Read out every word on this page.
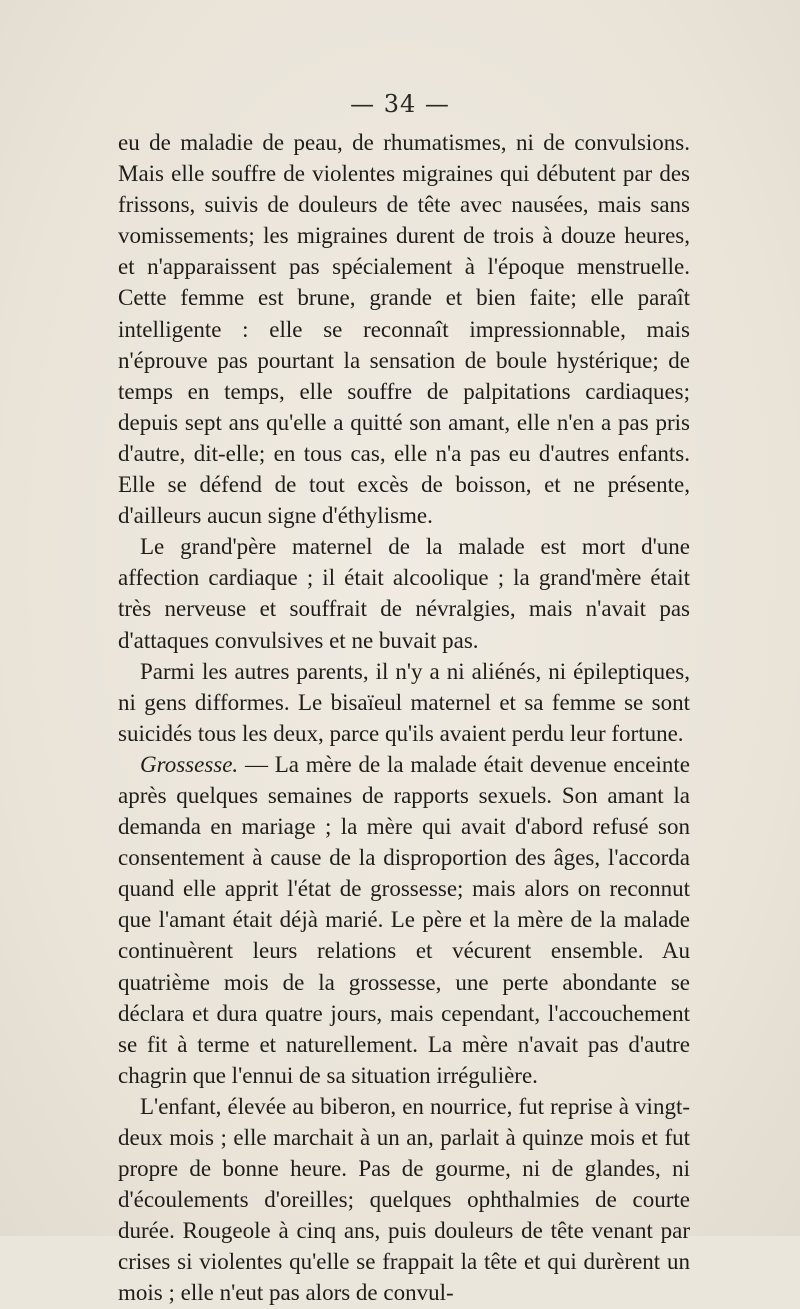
— 34 —

eu de maladie de peau, de rhumatismes, ni de convulsions. Mais elle souffre de violentes migraines qui débutent par des frissons, suivis de douleurs de tête avec nausées, mais sans vomissements; les migraines durent de trois à douze heures, et n'apparaissent pas spécialement à l'époque menstruelle. Cette femme est brune, grande et bien faite; elle paraît intelligente : elle se reconnaît impressionnable, mais n'éprouve pas pourtant la sensation de boule hystérique; de temps en temps, elle souffre de palpitations cardiaques; depuis sept ans qu'elle a quitté son amant, elle n'en a pas pris d'autre, dit-elle; en tous cas, elle n'a pas eu d'autres enfants. Elle se défend de tout excès de boisson, et ne présente, d'ailleurs aucun signe d'éthylisme.

Le grand'père maternel de la malade est mort d'une affection cardiaque ; il était alcoolique ; la grand'mère était très nerveuse et souffrait de névralgies, mais n'avait pas d'attaques convulsives et ne buvait pas.

Parmi les autres parents, il n'y a ni aliénés, ni épileptiques, ni gens difformes. Le bisaïeul maternel et sa femme se sont suicidés tous les deux, parce qu'ils avaient perdu leur fortune.

Grossesse. — La mère de la malade était devenue enceinte après quelques semaines de rapports sexuels. Son amant la demanda en mariage ; la mère qui avait d'abord refusé son consentement à cause de la disproportion des âges, l'accorda quand elle apprit l'état de grossesse; mais alors on reconnut que l'amant était déjà marié. Le père et la mère de la malade continuèrent leurs relations et vécurent ensemble. Au quatrième mois de la grossesse, une perte abondante se déclara et dura quatre jours, mais cependant, l'accouchement se fit à terme et naturellement. La mère n'avait pas d'autre chagrin que l'ennui de sa situation irrégulière.

L'enfant, élevée au biberon, en nourrice, fut reprise à vingt-deux mois ; elle marchait à un an, parlait à quinze mois et fut propre de bonne heure. Pas de gourme, ni de glandes, ni d'écoulements d'oreilles; quelques ophthalmies de courte durée. Rougeole à cinq ans, puis douleurs de tête venant par crises si violentes qu'elle se frappait la tête et qui durèrent un mois ; elle n'eut pas alors de convul-
